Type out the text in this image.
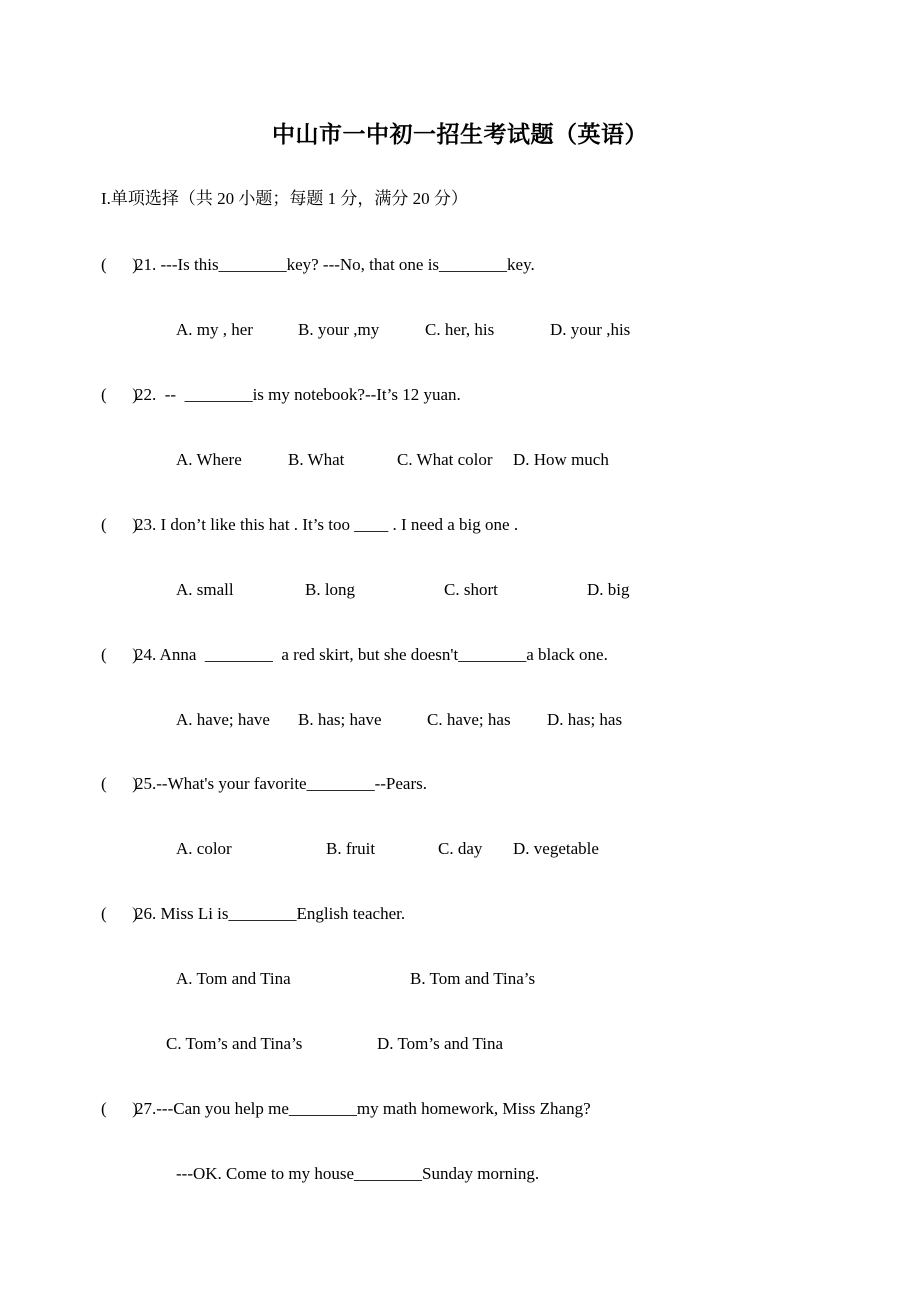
中山市一中初一招生考试题（英语）
I.单项选择（共 20 小题；每题 1 分，满分 20 分）
(      )
21. ---Is this________key? ---No, that one is________key.
A. my , her	B. your ,my	C. her, his	D. your ,his
(      )
22.  --  ________is my notebook?--It’s 12 yuan.
A. Where	B. What	C. What color D. How much
(      )
23. I don’t like this hat . It’s too ____ . I need a big one .
A. small	B. long	C. short	D. big
(      )
24. Anna  ________  a red skirt, but she doesn't________a black one.
A. have; have B. has; have	C. have; has D. has; has
(      )
25.--What's your favorite________--Pears.
A. color	B. fruit	C. day D. vegetable
(      )
26. Miss Li is________English teacher.
A. Tom and Tina	B. Tom and Tina’s
C. Tom’s and Tina’s	D. Tom’s and Tina
(      )
27.---Can you help me________my math homework, Miss Zhang?
---OK. Come to my house________Sunday morning.
